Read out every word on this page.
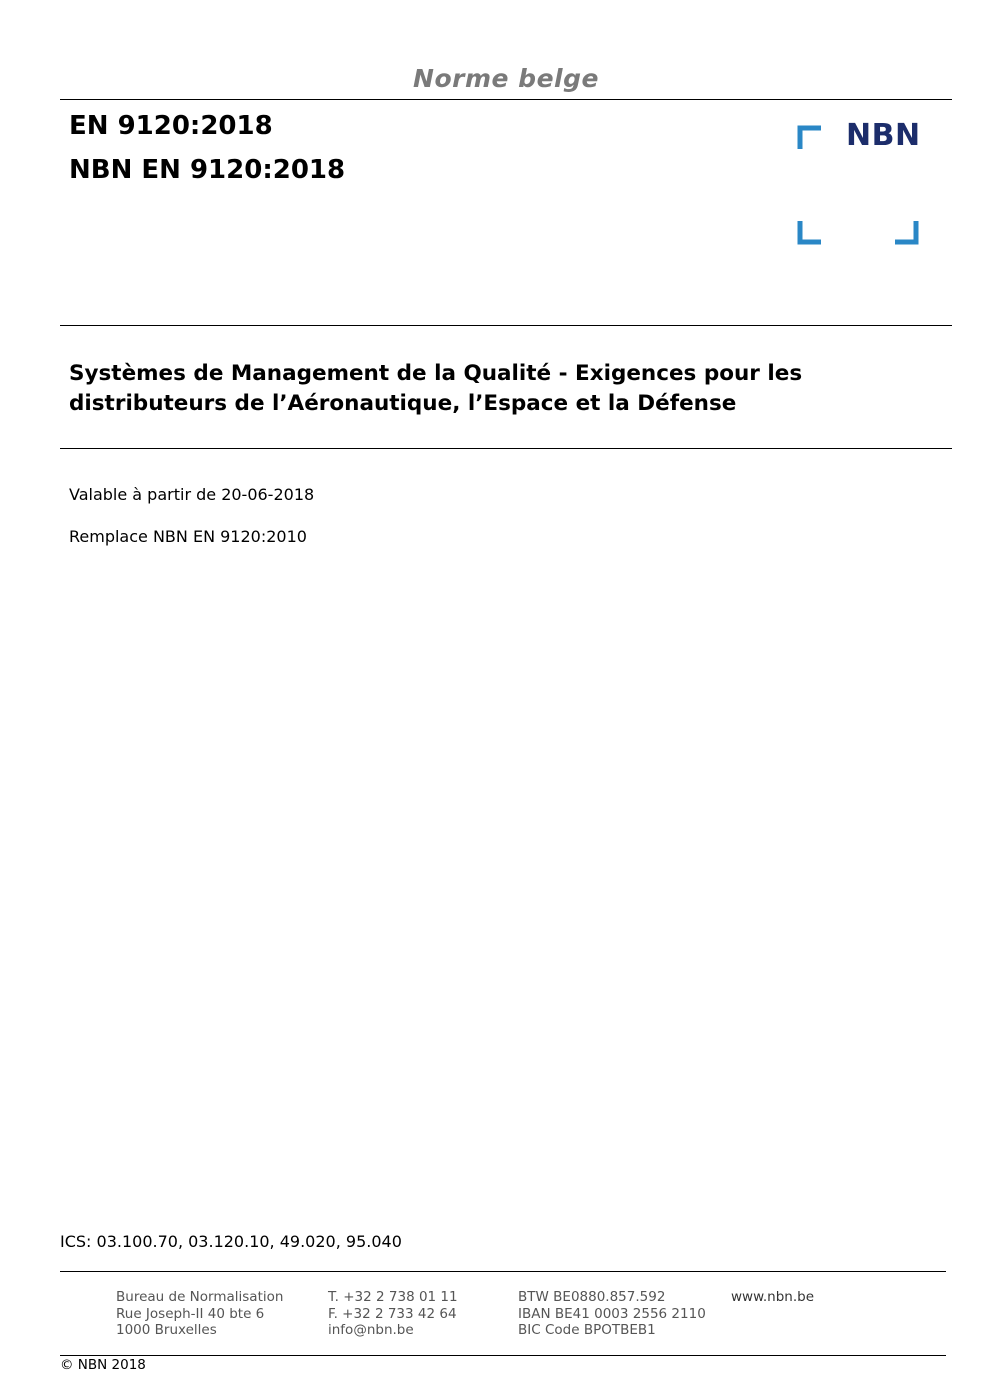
Norme belge
EN 9120:2018
NBN EN 9120:2018
NBN
Systèmes de Management de la Qualité - Exigences pour les distributeurs de l’Aéronautique, l’Espace et la Défense
Valable à partir de 20-06-2018
Remplace NBN EN 9120:2010
ICS: 03.100.70, 03.120.10, 49.020, 95.040
Bureau de Normalisation
Rue Joseph-II 40 bte 6
1000 Bruxelles
T. +32 2 738 01 11
F. +32 2 733 42 64
info@nbn.be
BTW BE0880.857.592
IBAN BE41 0003 2556 2110
BIC Code BPOTBEB1
www.nbn.be
© NBN 2018
